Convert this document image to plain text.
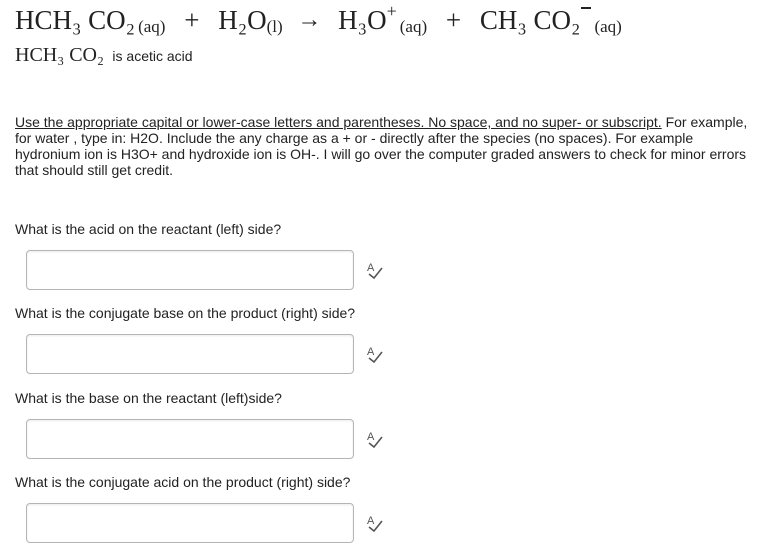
HCH₃ CO₂ (aq) + H₂O(l) → H₃O+(aq) + CH₃ CO₂ (aq)
HCH₃ CO₂ is acetic acid
Use the appropriate capital or lower-case letters and parentheses. No space, and no super- or subscript. For example, for water , type in: H2O. Include the any charge as a + or - directly after the species (no spaces). For example hydronium ion is H3O+ and hydroxide ion is OH-. I will go over the computer graded answers to check for minor errors that should still get credit.
What is the acid on the reactant (left) side?
A
What is the conjugate base on the product (right) side?
A
What is the base on the reactant (left)side?
A
What is the conjugate acid on the product (right) side?
A
